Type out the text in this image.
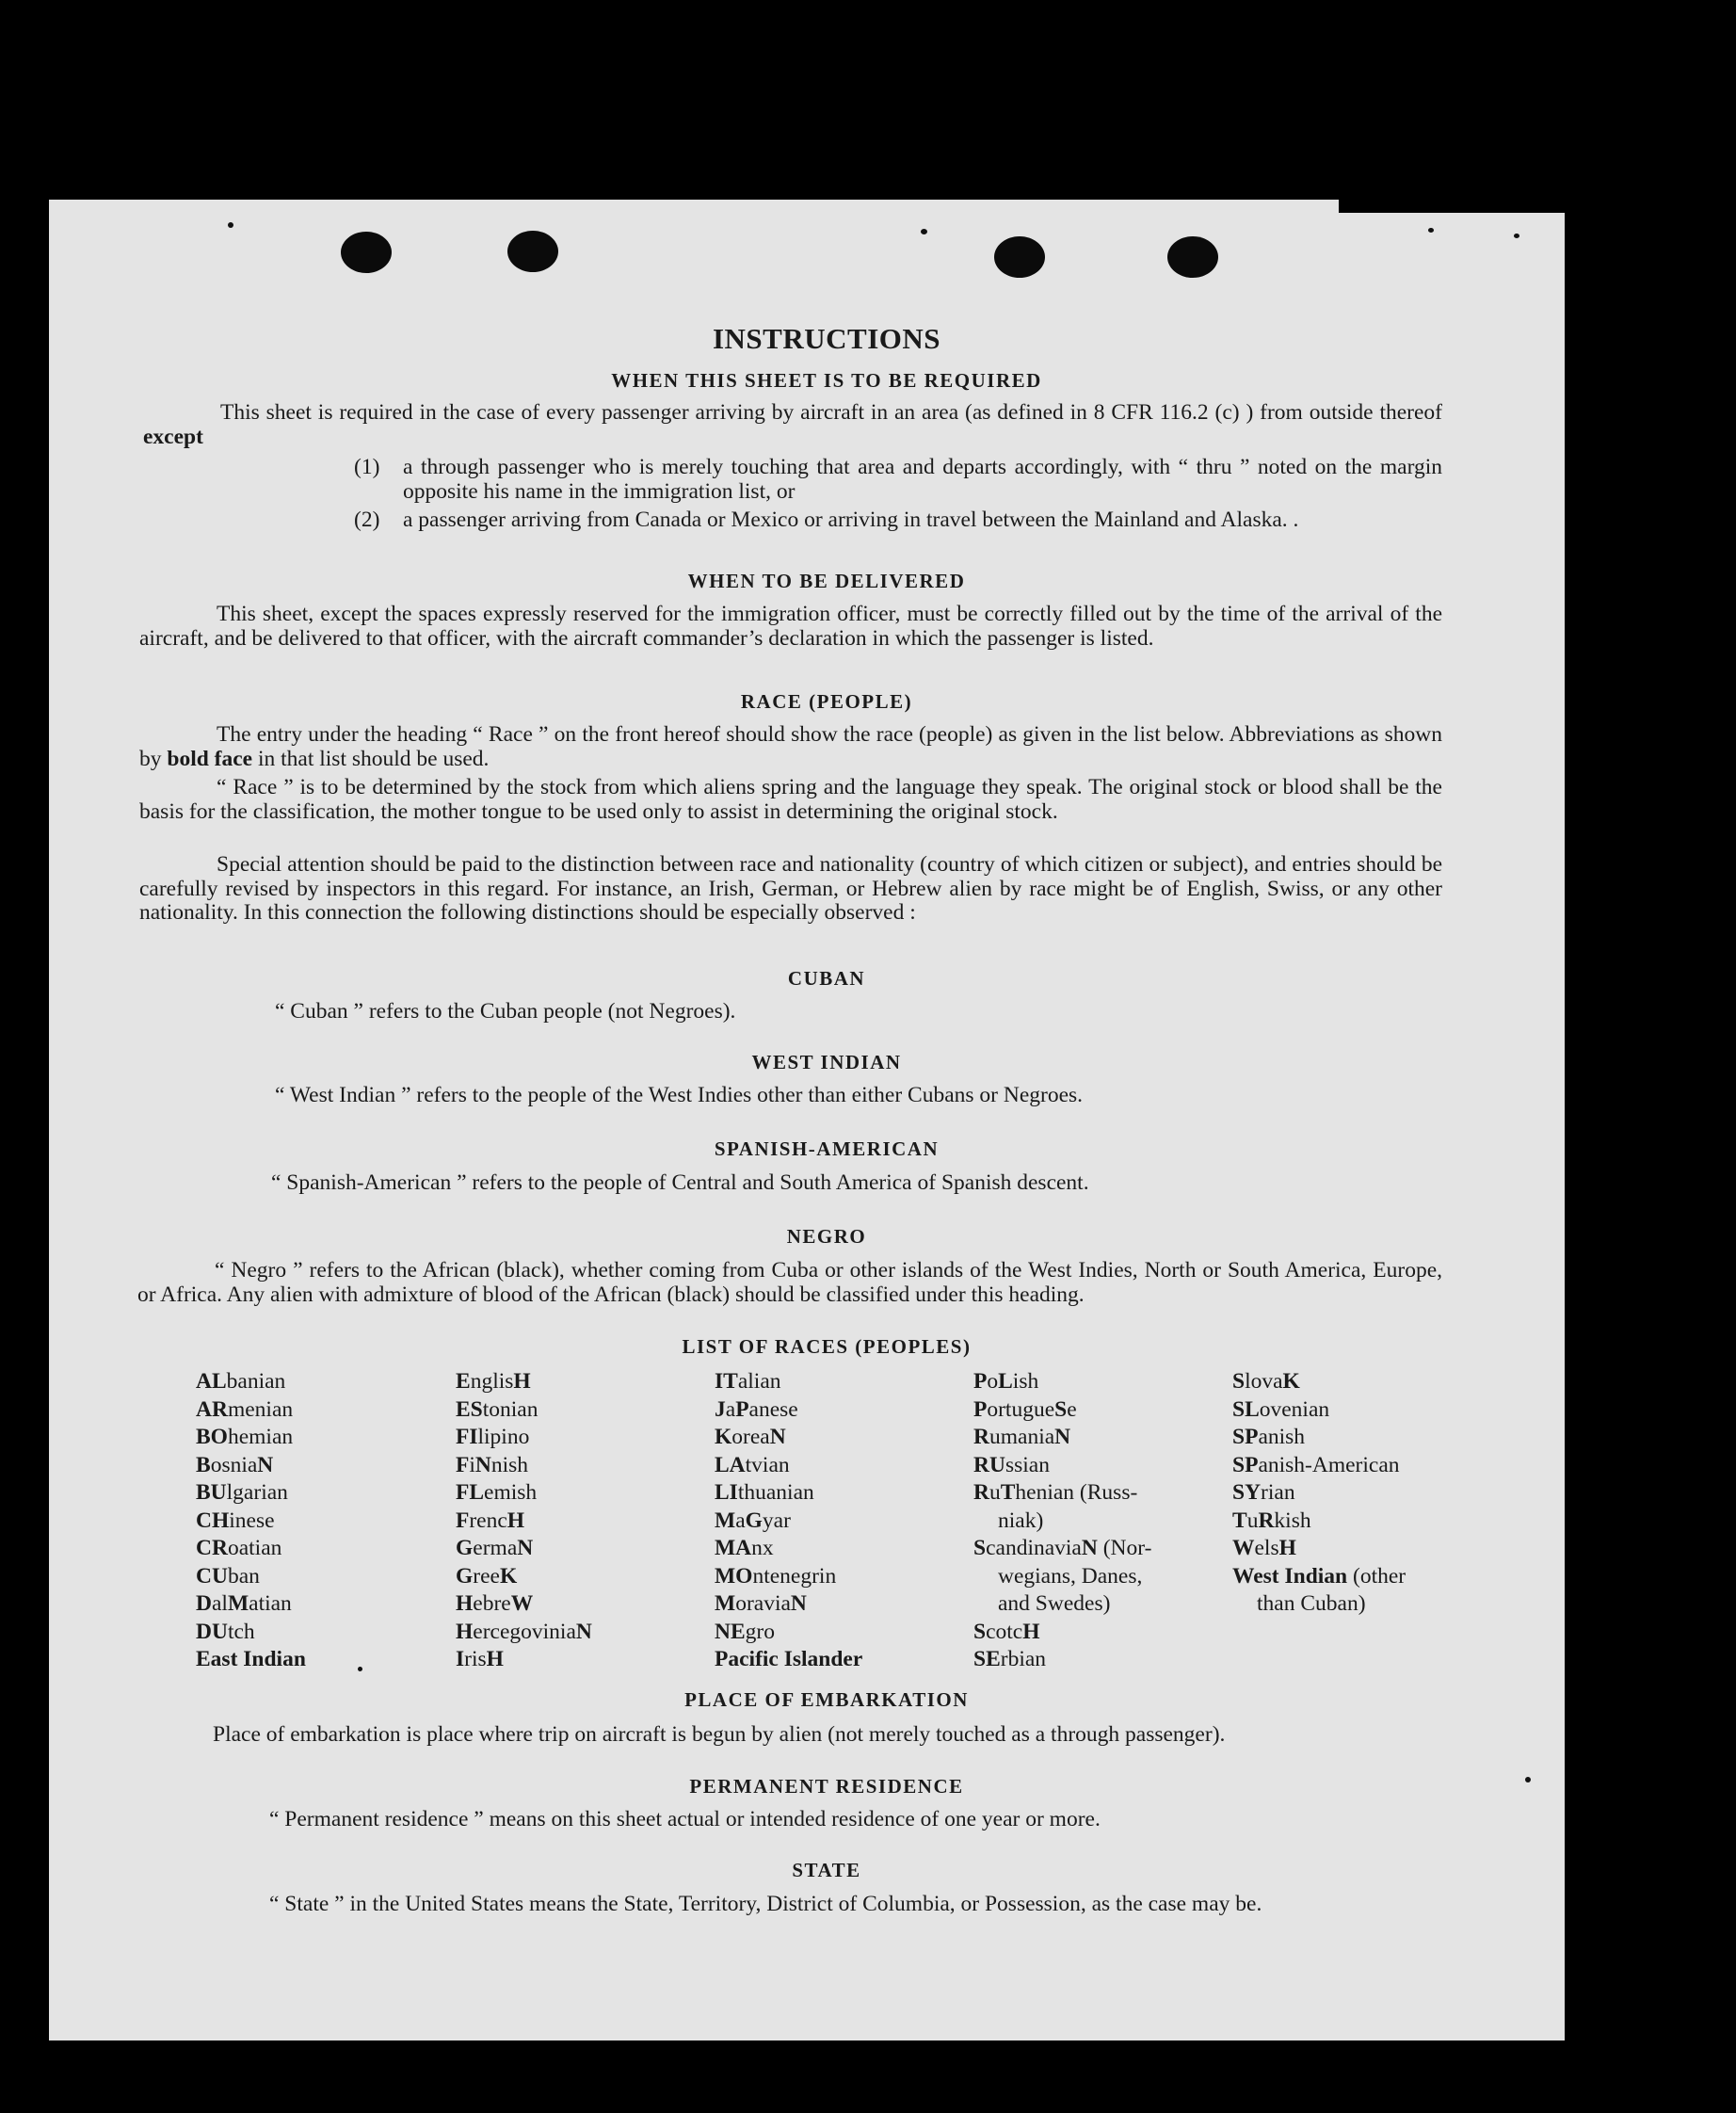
INSTRUCTIONS
WHEN THIS SHEET IS TO BE REQUIRED
This sheet is required in the case of every passenger arriving by aircraft in an area (as defined in 8 CFR 116.2 (c) ) from outside thereof except
(1) a through passenger who is merely touching that area and departs accordingly, with “ thru ” noted on the margin opposite his name in the immigration list, or
(2) a passenger arriving from Canada or Mexico or arriving in travel between the Mainland and Alaska. .
WHEN TO BE DELIVERED
This sheet, except the spaces expressly reserved for the immigration officer, must be correctly filled out by the time of the arrival of the aircraft, and be delivered to that officer, with the aircraft commander’s declaration in which the passenger is listed.
RACE (PEOPLE)
The entry under the heading “ Race ” on the front hereof should show the race (people) as given in the list below. Abbreviations as shown by bold face in that list should be used.
“ Race ” is to be determined by the stock from which aliens spring and the language they speak. The original stock or blood shall be the basis for the classification, the mother tongue to be used only to assist in determining the original stock.
Special attention should be paid to the distinction between race and nationality (country of which citizen or subject), and entries should be carefully revised by inspectors in this regard. For instance, an Irish, German, or Hebrew alien by race might be of English, Swiss, or any other nationality. In this connection the following distinctions should be especially observed :
CUBAN
“ Cuban ” refers to the Cuban people (not Negroes).
WEST INDIAN
“ West Indian ” refers to the people of the West Indies other than either Cubans or Negroes.
SPANISH-AMERICAN
“ Spanish-American ” refers to the people of Central and South America of Spanish descent.
NEGRO
“ Negro ” refers to the African (black), whether coming from Cuba or other islands of the West Indies, North or South America, Europe, or Africa. Any alien with admixture of blood of the African (black) should be classified under this heading.
LIST OF RACES (PEOPLES)
ALbanian
ARmenian
BOhemian
BosniaN
BUlgarian
CHinese
CRoatian
CUban
DalMatian
DUtch
East Indian
EnglisH
EStonian
FIlipino
FiNnish
FLemish
FrencH
GermaN
GreeK
HebreW
HercegoviniaN
IrisH
ITalian
JaPanese
KoreaN
LAtvian
LIthuanian
MaGyar
MAnx
MOntenegrin
MoraviaN
NEgro
Pacific Islander
PoLish
PortugueSe
RumaniaN
RUssian
RuThenian (Russ-
niak)
ScandinaviaN (Nor-
wegians, Danes,
and Swedes)
ScotcH
SErbian
SlovaK
SLovenian
SPanish
SPanish-American
SYrian
TuRkish
WelsH
West Indian (other
than Cuban)
PLACE OF EMBARKATION
Place of embarkation is place where trip on aircraft is begun by alien (not merely touched as a through passenger).
PERMANENT RESIDENCE
“ Permanent residence ” means on this sheet actual or intended residence of one year or more.
STATE
“ State ” in the United States means the State, Territory, District of Columbia, or Possession, as the case may be.
